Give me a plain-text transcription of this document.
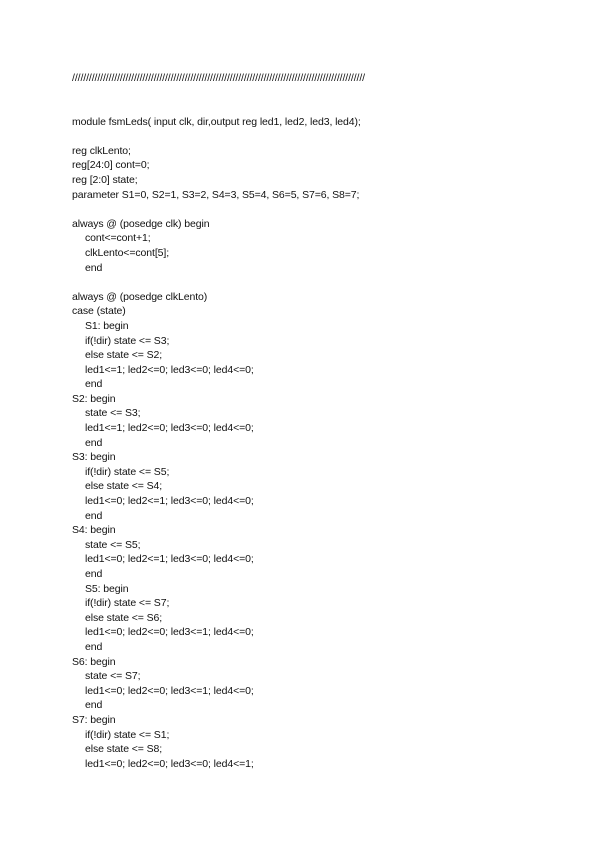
////////////////////////////////////////////////////////////////////////////////////////////////////////
module fsmLeds( input clk, dir,output reg led1, led2, led3, led4);
reg clkLento;
reg[24:0] cont=0;
reg [2:0] state;
parameter S1=0, S2=1, S3=2, S4=3, S5=4, S6=5, S7=6, S8=7;
always @ (posedge clk) begin
cont<=cont+1;
clkLento<=cont[5];
end
always @ (posedge clkLento)
case (state)
S1: begin
if(!dir) state <= S3;
else state <= S2;
led1<=1; led2<=0; led3<=0; led4<=0;
end
S2: begin
state <= S3;
led1<=1; led2<=0; led3<=0; led4<=0;
end
S3: begin
if(!dir) state <= S5;
else state <= S4;
led1<=0; led2<=1; led3<=0; led4<=0;
end
S4: begin
state <= S5;
led1<=0; led2<=1; led3<=0; led4<=0;
end
S5: begin
if(!dir) state <= S7;
else state <= S6;
led1<=0; led2<=0; led3<=1; led4<=0;
end
S6: begin
state <= S7;
led1<=0; led2<=0; led3<=1; led4<=0;
end
S7: begin
if(!dir) state <= S1;
else state <= S8;
led1<=0; led2<=0; led3<=0; led4<=1;
